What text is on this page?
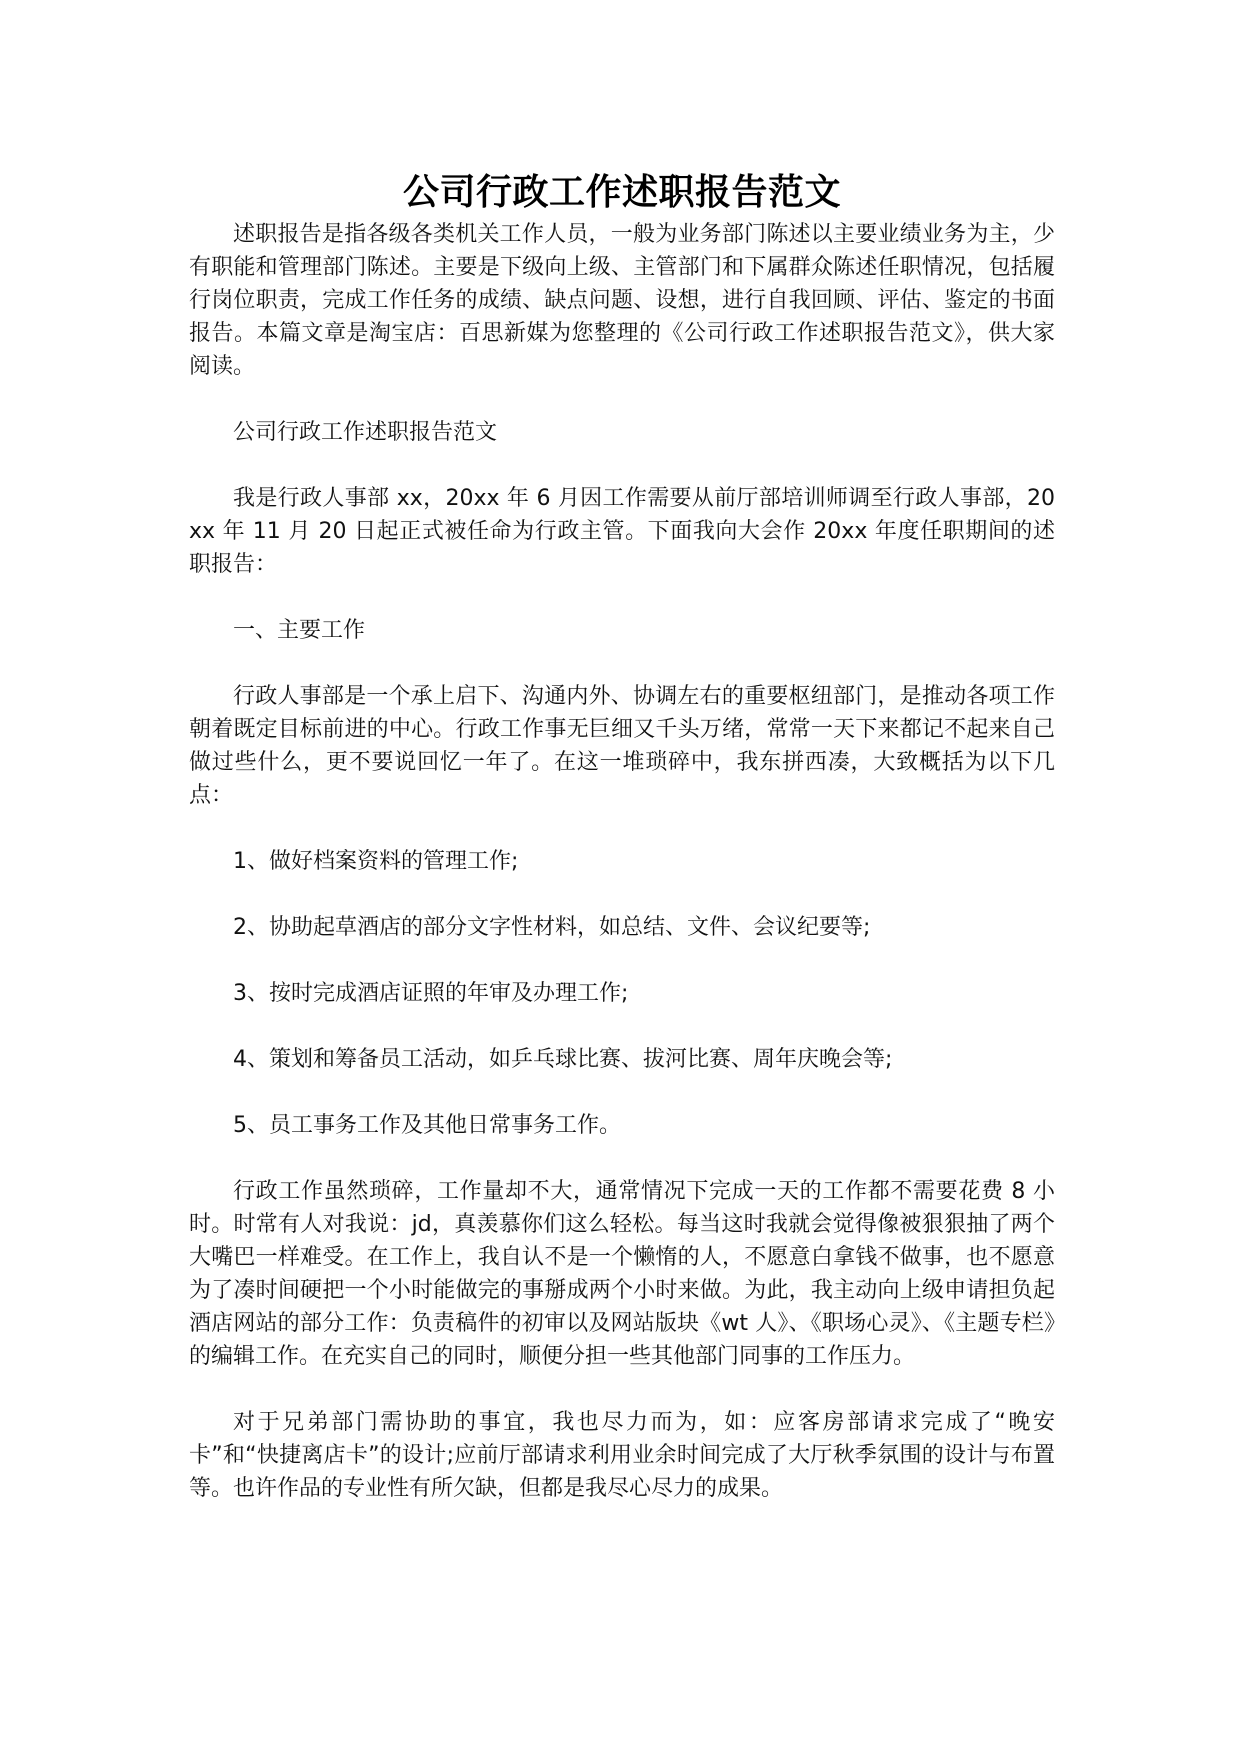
公司行政工作述职报告范文

述职报告是指各级各类机关工作人员，一般为业务部门陈述以主要业绩业务为主，少有职能和管理部门陈述。主要是下级向上级、主管部门和下属群众陈述任职情况，包括履行岗位职责，完成工作任务的成绩、缺点问题、设想，进行自我回顾、评估、鉴定的书面报告。本篇文章是淘宝店：百思新媒为您整理的《公司行政工作述职报告范文》，供大家阅读。

公司行政工作述职报告范文

我是行政人事部 xx，20xx 年 6 月因工作需要从前厅部培训师调至行政人事部，20xx 年 11 月 20 日起正式被任命为行政主管。下面我向大会作 20xx 年度任职期间的述职报告：

一、主要工作

行政人事部是一个承上启下、沟通内外、协调左右的重要枢纽部门，是推动各项工作朝着既定目标前进的中心。行政工作事无巨细又千头万绪，常常一天下来都记不起来自己做过些什么，更不要说回忆一年了。在这一堆琐碎中，我东拼西凑，大致概括为以下几点：

1、做好档案资料的管理工作;

2、协助起草酒店的部分文字性材料，如总结、文件、会议纪要等;

3、按时完成酒店证照的年审及办理工作;

4、策划和筹备员工活动，如乒乓球比赛、拔河比赛、周年庆晚会等;

5、员工事务工作及其他日常事务工作。

行政工作虽然琐碎，工作量却不大，通常情况下完成一天的工作都不需要花费 8 小时。时常有人对我说：jd，真羡慕你们这么轻松。每当这时我就会觉得像被狠狠抽了两个大嘴巴一样难受。在工作上，我自认不是一个懒惰的人，不愿意白拿钱不做事，也不愿意为了凑时间硬把一个小时能做完的事掰成两个小时来做。为此，我主动向上级申请担负起酒店网站的部分工作：负责稿件的初审以及网站版块《wt 人》、《职场心灵》、《主题专栏》的编辑工作。在充实自己的同时，顺便分担一些其他部门同事的工作压力。

对于兄弟部门需协助的事宜，我也尽力而为，如：应客房部请求完成了“晚安卡”和“快捷离店卡”的设计;应前厅部请求利用业余时间完成了大厅秋季氛围的设计与布置等。也许作品的专业性有所欠缺，但都是我尽心尽力的成果。
